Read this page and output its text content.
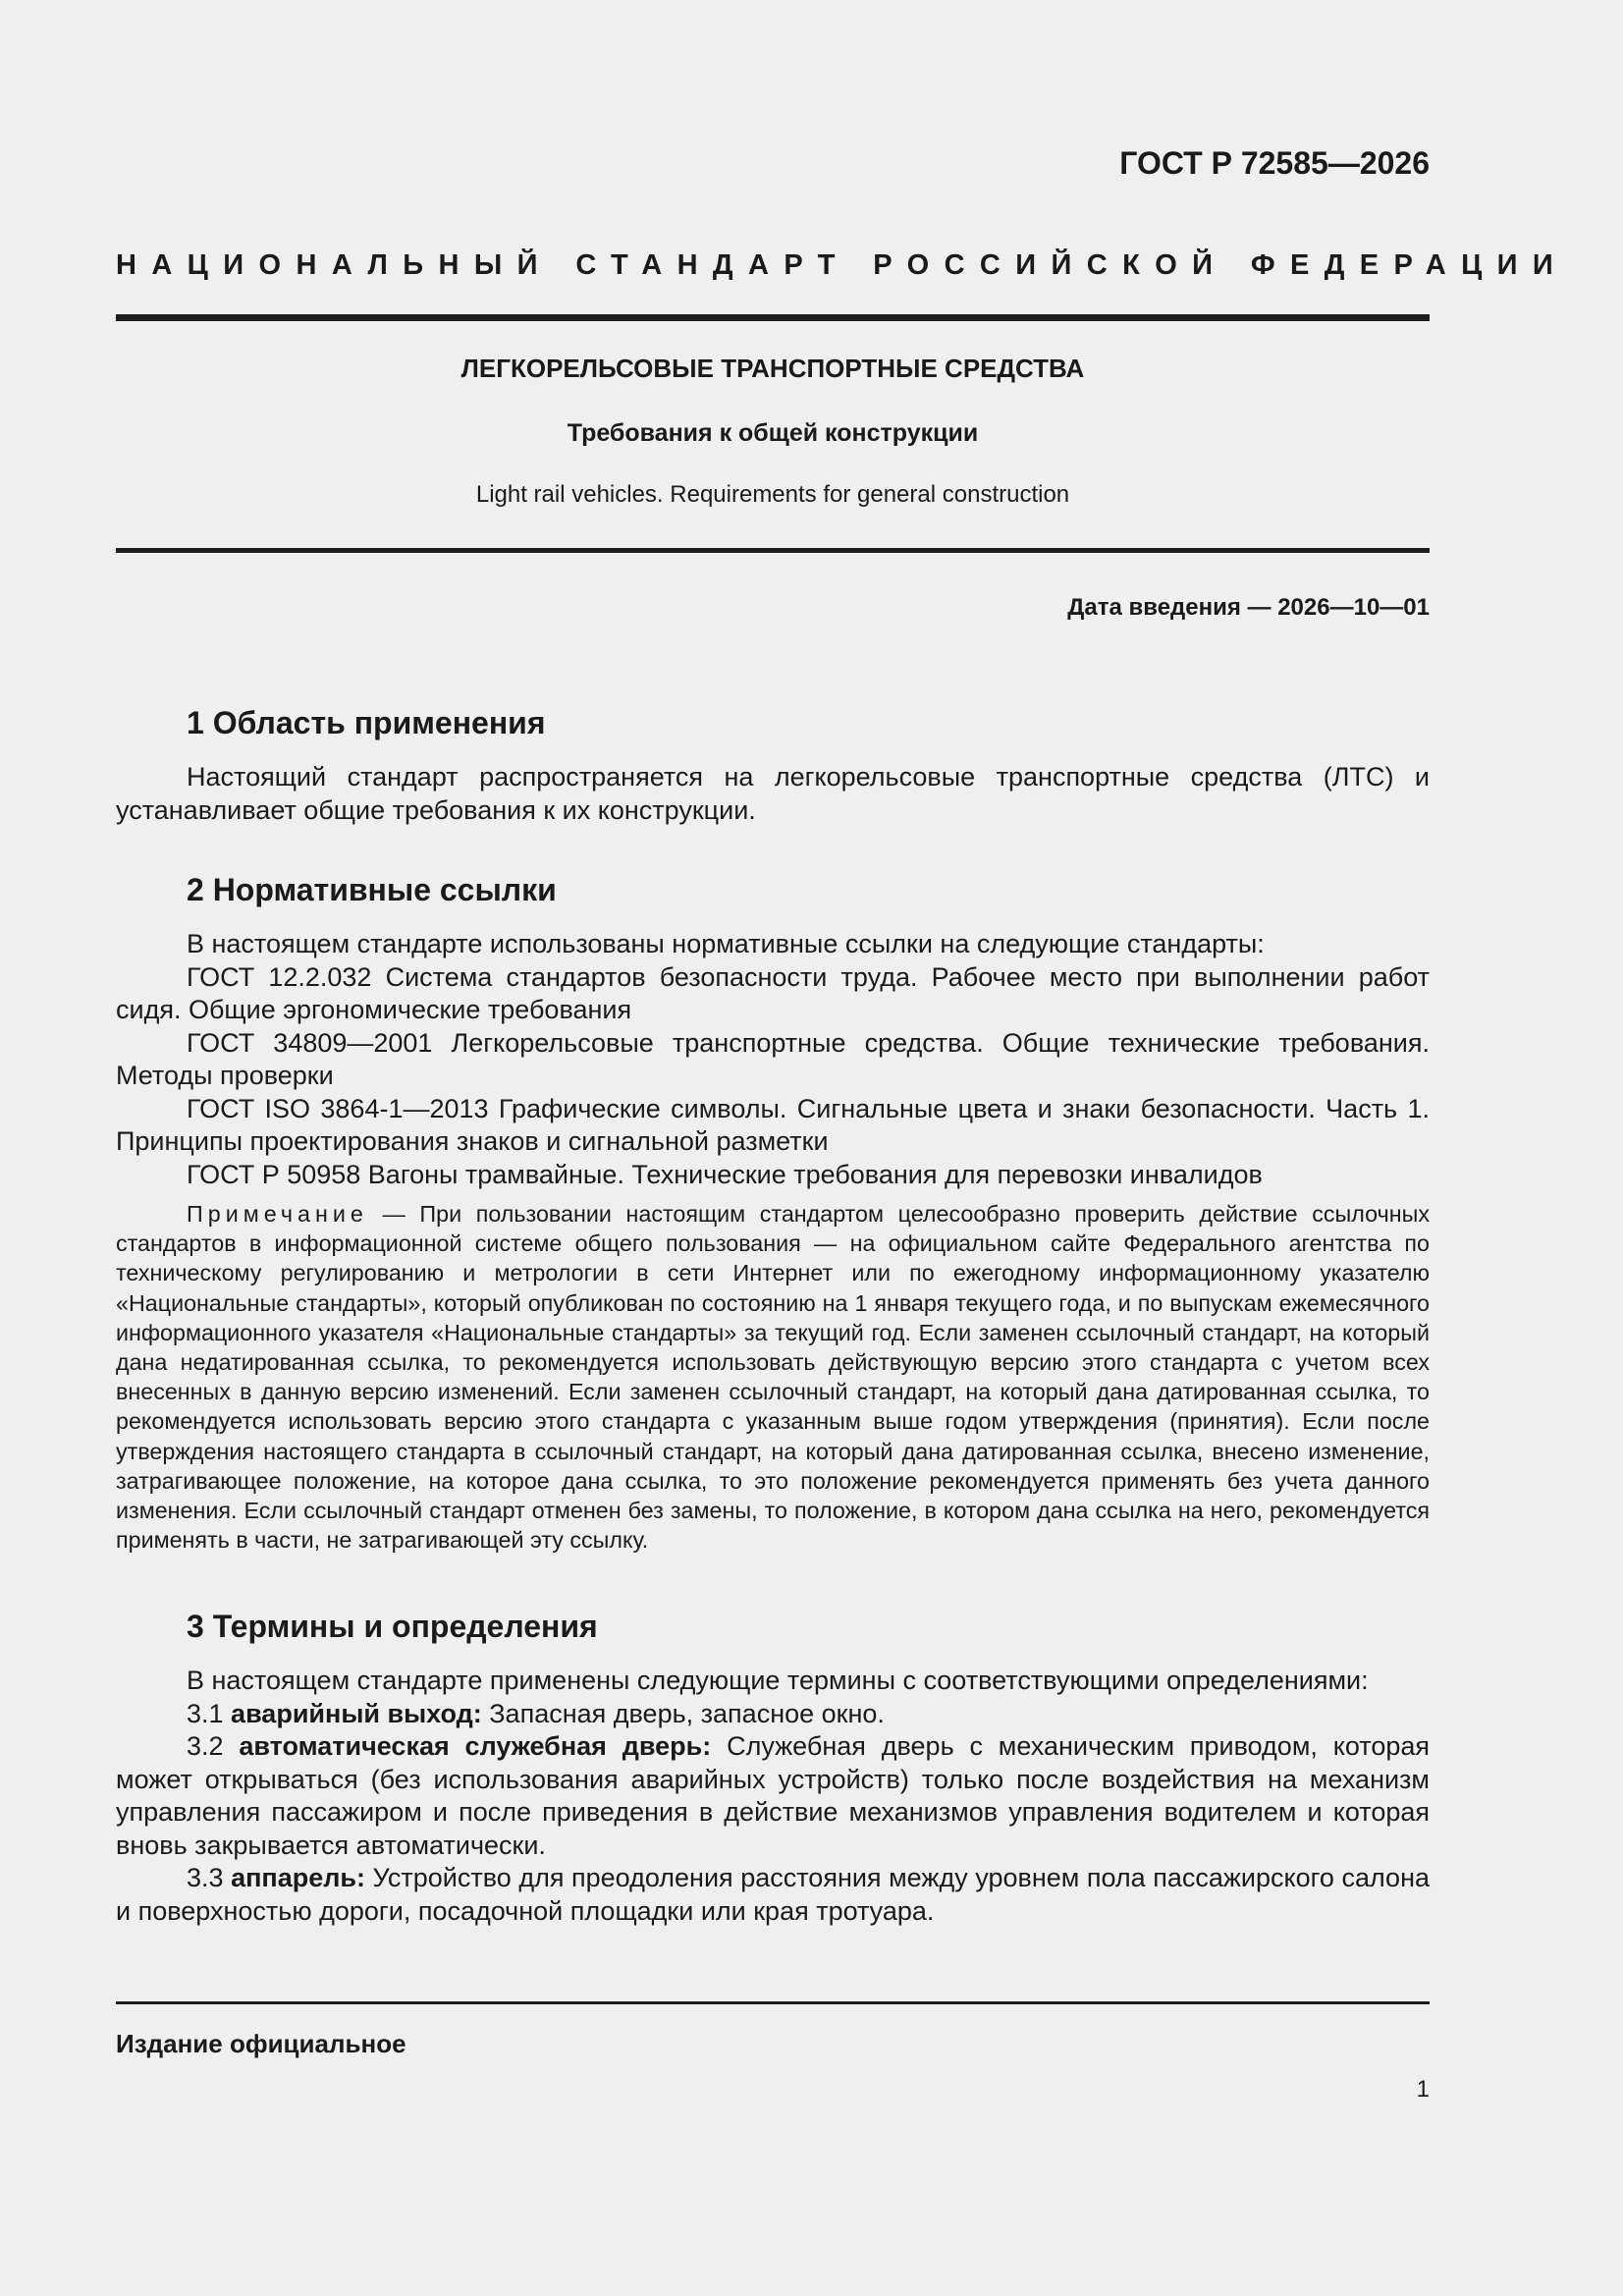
ГОСТ Р 72585—2026
НАЦИОНАЛЬНЫЙ СТАНДАРТ РОССИЙСКОЙ ФЕДЕРАЦИИ
ЛЕГКОРЕЛЬСОВЫЕ ТРАНСПОРТНЫЕ СРЕДСТВА
Требования к общей конструкции
Light rail vehicles. Requirements for general construction
Дата введения — 2026—10—01
1 Область применения

Настоящий стандарт распространяется на легкорельсовые транспортные средства (ЛТС) и устанавливает общие требования к их конструкции.

2 Нормативные ссылки

В настоящем стандарте использованы нормативные ссылки на следующие стандарты:

ГОСТ 12.2.032 Система стандартов безопасности труда. Рабочее место при выполнении работ сидя. Общие эргономические требования

ГОСТ 34809—2001 Легкорельсовые транспортные средства. Общие технические требования. Методы проверки

ГОСТ ISO 3864-1—2013 Графические символы. Сигнальные цвета и знаки безопасности. Часть 1. Принципы проектирования знаков и сигнальной разметки

ГОСТ Р 50958 Вагоны трамвайные. Технические требования для перевозки инвалидов

Примечание — При пользовании настоящим стандартом целесообразно проверить действие ссылочных стандартов в информационной системе общего пользования — на официальном сайте Федерального агентства по техническому регулированию и метрологии в сети Интернет или по ежегодному информационному указателю «Национальные стандарты», который опубликован по состоянию на 1 января текущего года, и по выпускам ежемесячного информационного указателя «Национальные стандарты» за текущий год. Если заменен ссылочный стандарт, на который дана недатированная ссылка, то рекомендуется использовать действующую версию этого стандарта с учетом всех внесенных в данную версию изменений. Если заменен ссылочный стандарт, на который дана датированная ссылка, то рекомендуется использовать версию этого стандарта с указанным выше годом утверждения (принятия). Если после утверждения настоящего стандарта в ссылочный стандарт, на который дана датированная ссылка, внесено изменение, затрагивающее положение, на которое дана ссылка, то это положение рекомендуется применять без учета данного изменения. Если ссылочный стандарт отменен без замены, то положение, в котором дана ссылка на него, рекомендуется применять в части, не затрагивающей эту ссылку.

3 Термины и определения

В настоящем стандарте применены следующие термины с соответствующими определениями:

3.1 аварийный выход: Запасная дверь, запасное окно.

3.2 автоматическая служебная дверь: Служебная дверь с механическим приводом, которая может открываться (без использования аварийных устройств) только после воздействия на механизм управления пассажиром и после приведения в действие механизмов управления водителем и которая вновь закрывается автоматически.

3.3 аппарель: Устройство для преодоления расстояния между уровнем пола пассажирского салона и поверхностью дороги, посадочной площадки или края тротуара.

Издание официальное
1
